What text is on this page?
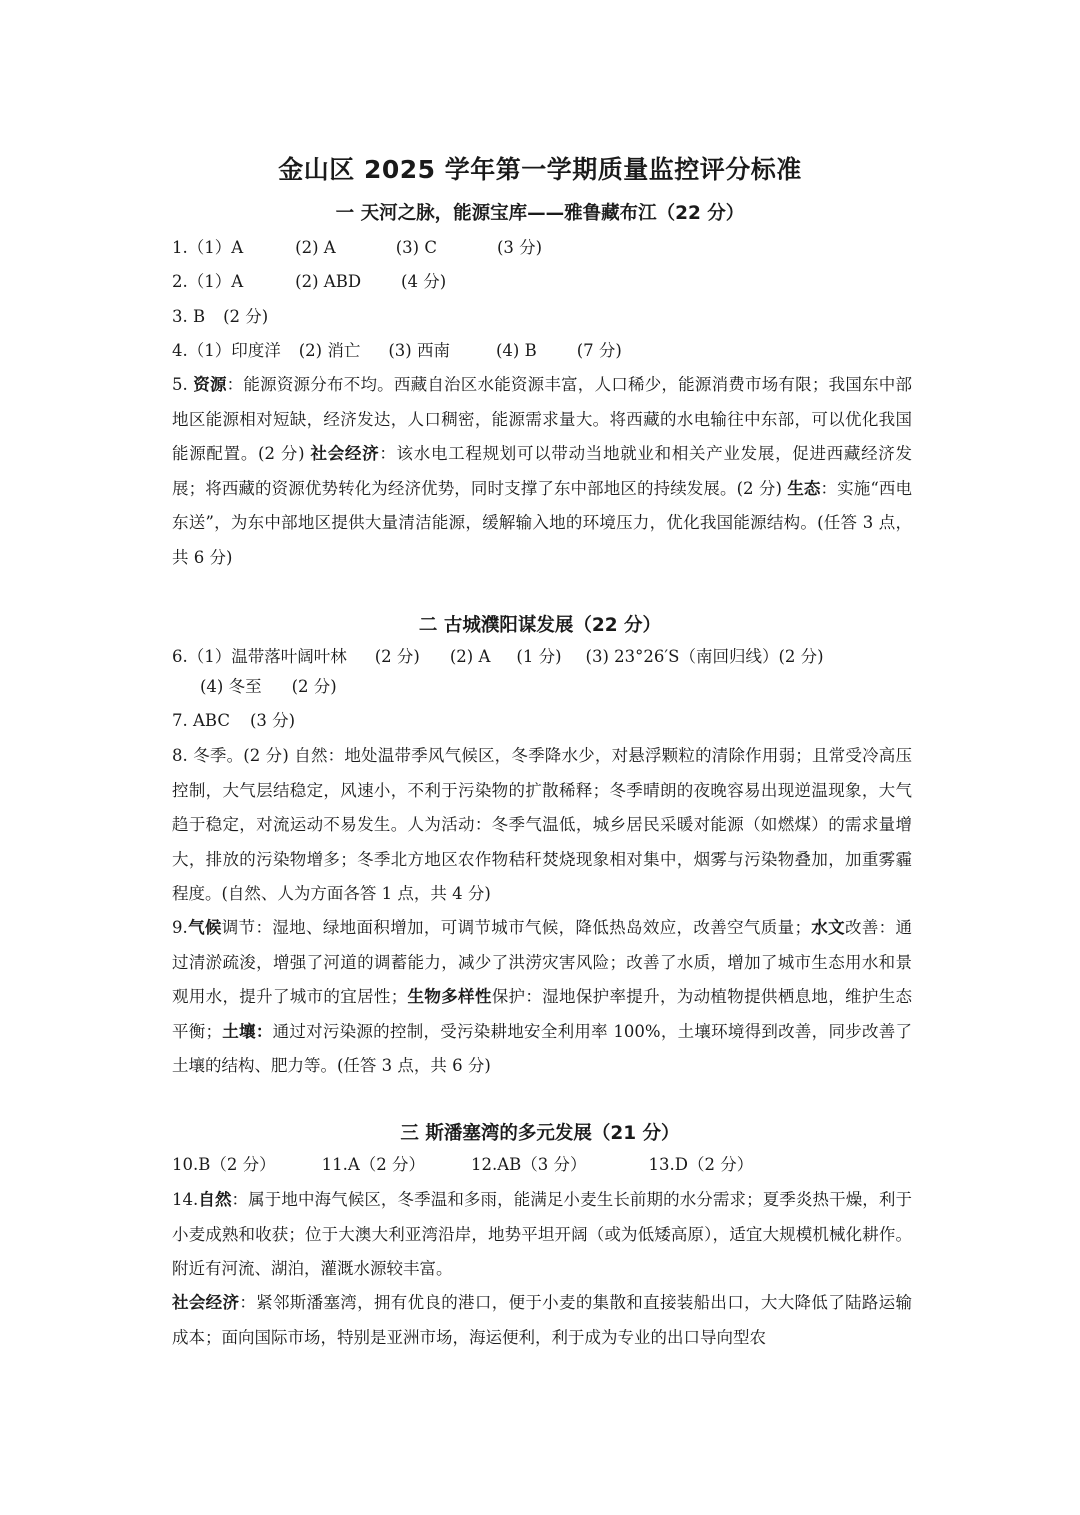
金山区 2025 学年第一学期质量监控评分标准
一 天河之脉，能源宝库——雅鲁藏布江（22 分）
1.（1）A	(2) A	(3) C	(3 分)
2.（1）A	(2) ABD (4 分)
3. B (2 分)
4.（1）印度洋 (2) 消亡 (3) 西南	(4) B (7 分)
5. 资源：能源资源分布不均。西藏自治区水能资源丰富，人口稀少，能源消费市场有限；我国东中部地区能源相对短缺，经济发达，人口稠密，能源需求量大。将西藏的水电输往中东部，可以优化我国能源配置。(2 分) 社会经济：该水电工程规划可以带动当地就业和相关产业发展，促进西藏经济发展；将西藏的资源优势转化为经济优势，同时支撑了东中部地区的持续发展。(2 分) 生态：实施“西电东送”，为东中部地区提供大量清洁能源，缓解输入地的环境压力，优化我国能源结构。(任答 3 点，共 6 分)
二 古城濮阳谋发展（22 分）
6.（1）温带落叶阔叶林 (2 分) (2) A (1 分) (3) 23°26′S（南回归线）(2 分)
(4) 冬至 (2 分)
7. ABC (3 分)
8. 冬季。(2 分) 自然：地处温带季风气候区，冬季降水少，对悬浮颗粒的清除作用弱；且常受冷高压控制，大气层结稳定，风速小，不利于污染物的扩散稀释；冬季晴朗的夜晚容易出现逆温现象，大气趋于稳定，对流运动不易发生。人为活动：冬季气温低，城乡居民采暖对能源（如燃煤）的需求量增大，排放的污染物增多；冬季北方地区农作物秸秆焚烧现象相对集中，烟雾与污染物叠加，加重雾霾程度。(自然、人为方面各答 1 点，共 4 分)
9.气候调节：湿地、绿地面积增加，可调节城市气候，降低热岛效应，改善空气质量；水文改善：通过清淤疏浚，增强了河道的调蓄能力，减少了洪涝灾害风险；改善了水质，增加了城市生态用水和景观用水，提升了城市的宜居性；生物多样性保护：湿地保护率提升，为动植物提供栖息地，维护生态平衡；土壤：通过对污染源的控制，受污染耕地安全利用率 100%，土壤环境得到改善，同步改善了土壤的结构、肥力等。(任答 3 点，共 6 分)
三 斯潘塞湾的多元发展（21 分）
10.B（2 分）	11.A（2 分）	12.AB（3 分）	13.D（2 分）
14.自然：属于地中海气候区，冬季温和多雨，能满足小麦生长前期的水分需求；夏季炎热干燥，利于小麦成熟和收获；位于大澳大利亚湾沿岸，地势平坦开阔（或为低矮高原），适宜大规模机械化耕作。附近有河流、湖泊，灌溉水源较丰富。
社会经济：紧邻斯潘塞湾，拥有优良的港口，便于小麦的集散和直接装船出口，大大降低了陆路运输成本；面向国际市场，特别是亚洲市场，海运便利，利于成为专业的出口导向型农
